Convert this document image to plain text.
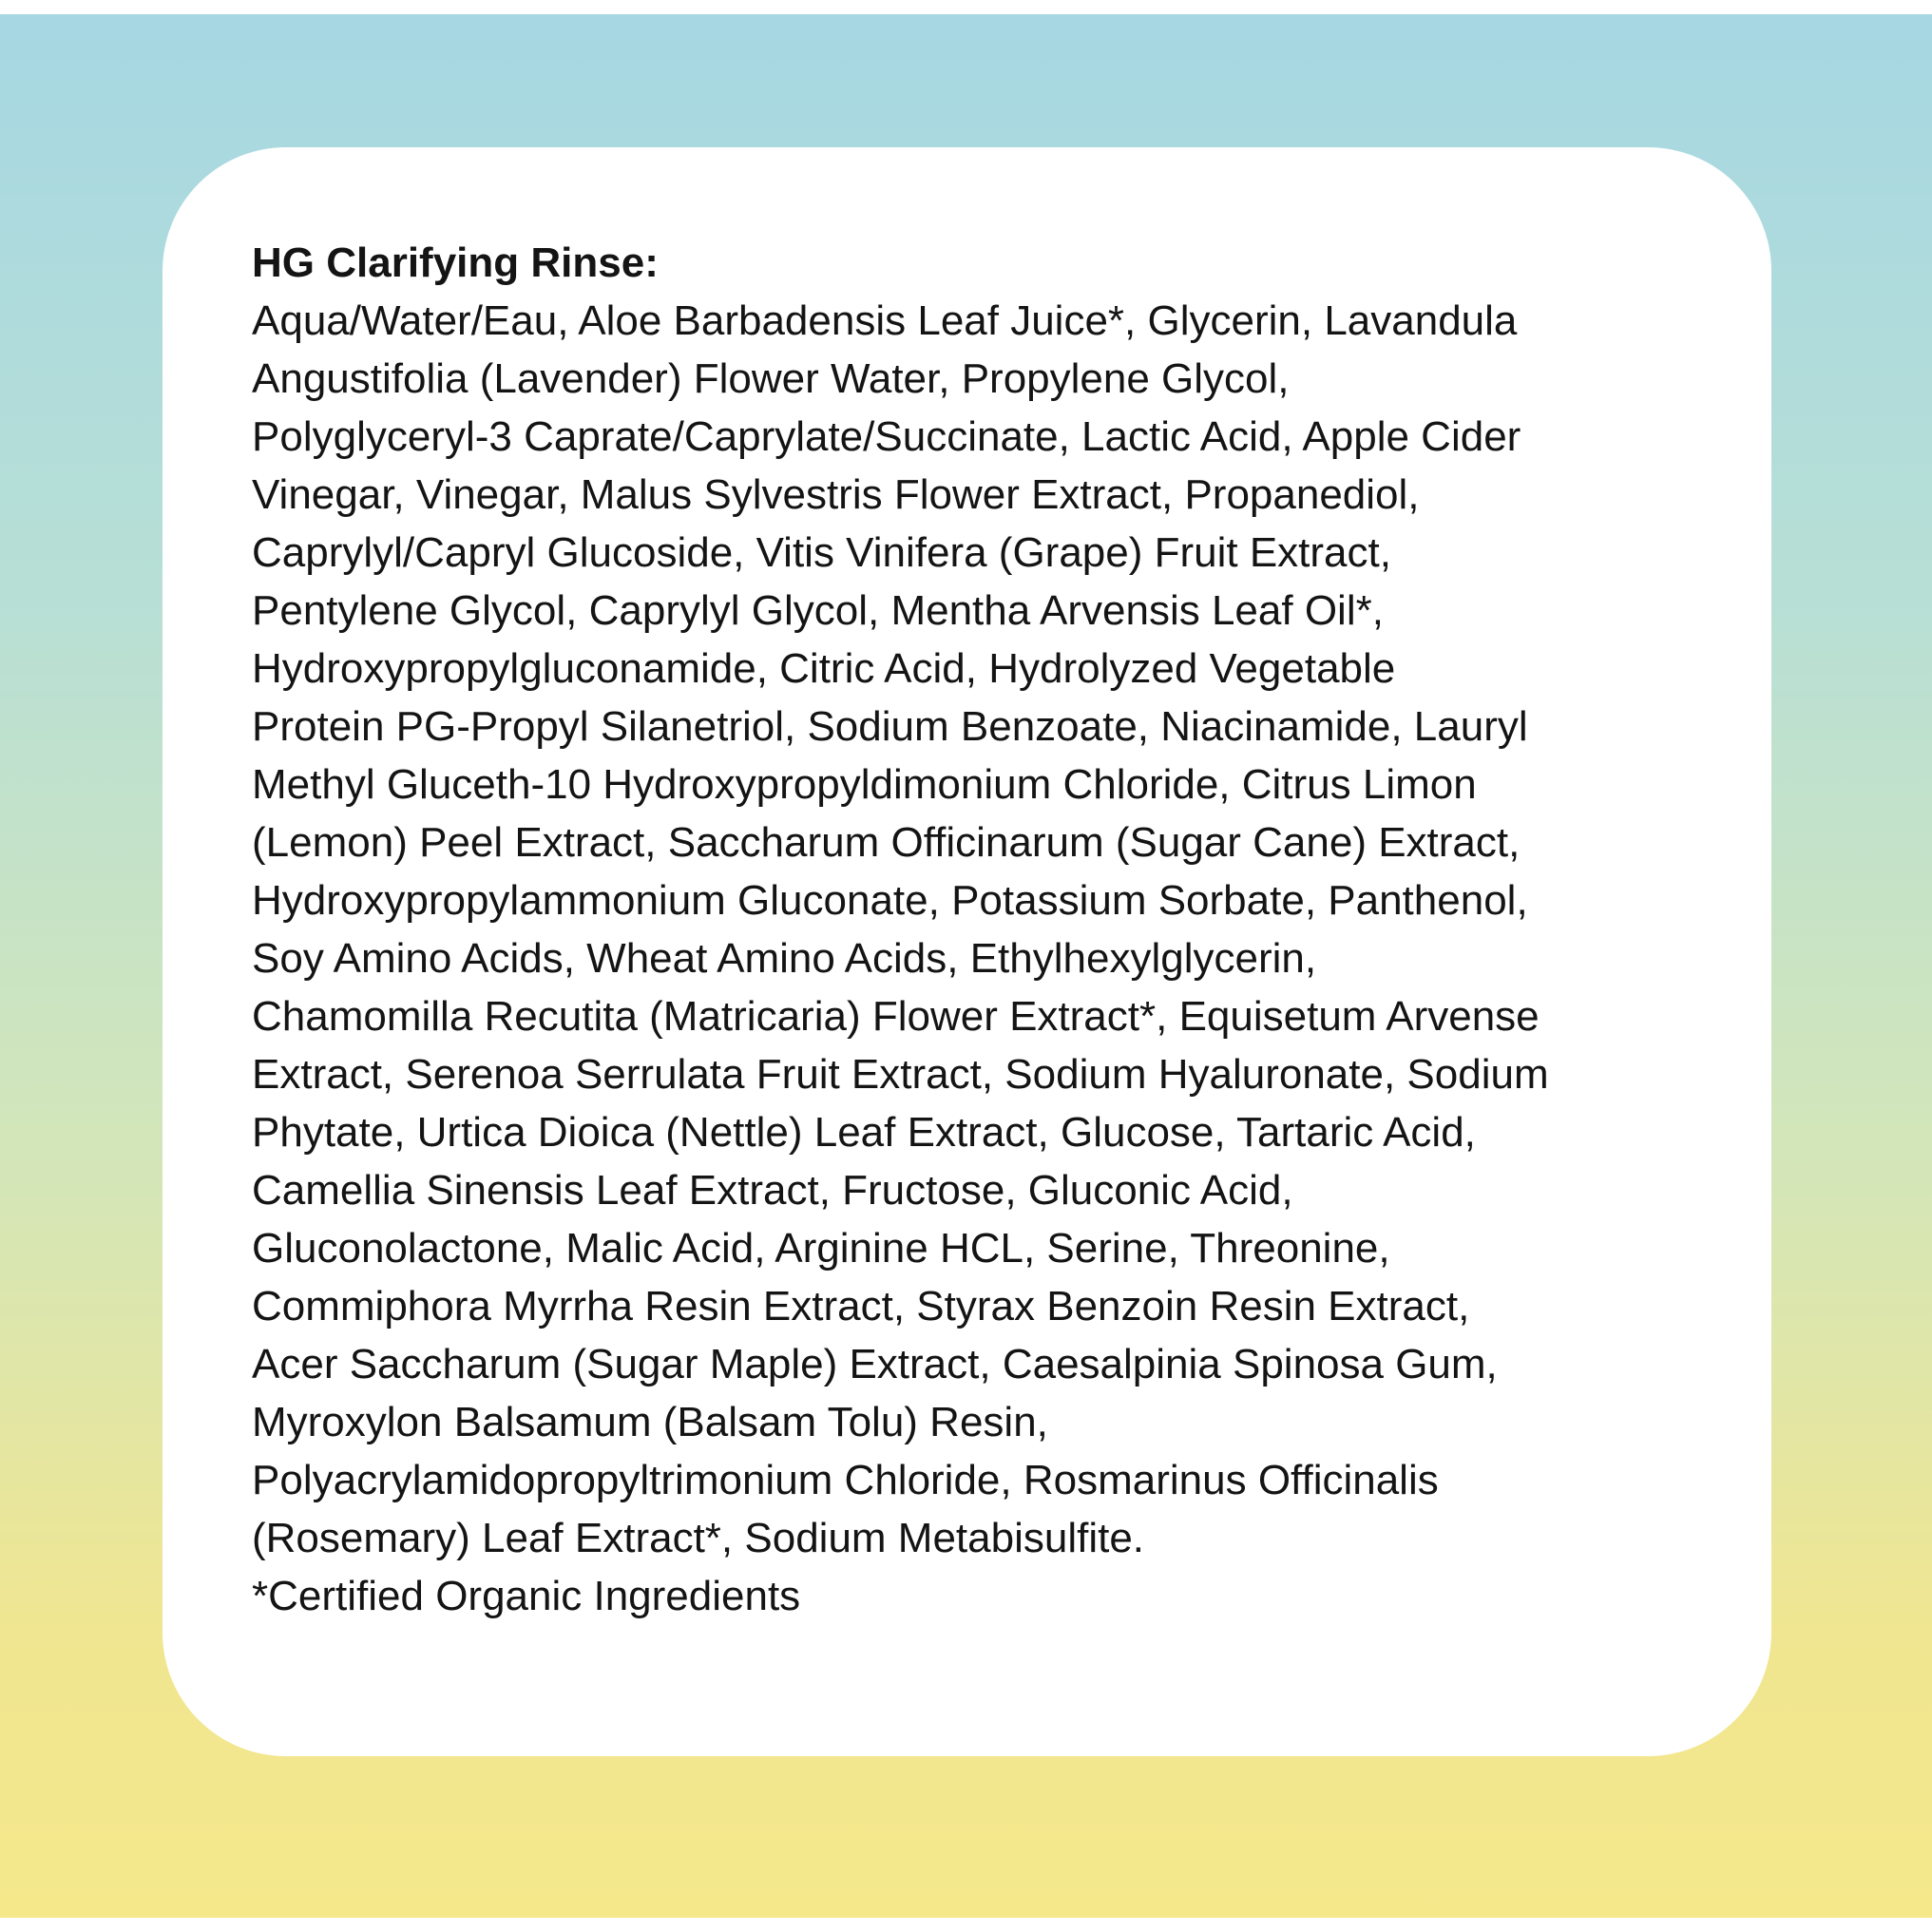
HG Clarifying Rinse:

Aqua/Water/Eau, Aloe Barbadensis Leaf Juice*, Glycerin, Lavandula

Angustifolia (Lavender) Flower Water, Propylene Glycol,

Polyglyceryl-3 Caprate/Caprylate/Succinate, Lactic Acid, Apple Cider

Vinegar, Vinegar, Malus Sylvestris Flower Extract, Propanediol,

Caprylyl/Capryl Glucoside, Vitis Vinifera (Grape) Fruit Extract,

Pentylene Glycol, Caprylyl Glycol, Mentha Arvensis Leaf Oil*,

Hydroxypropylgluconamide, Citric Acid, Hydrolyzed Vegetable

Protein PG-Propyl Silanetriol, Sodium Benzoate, Niacinamide, Lauryl

Methyl Gluceth-10 Hydroxypropyldimonium Chloride, Citrus Limon

(Lemon) Peel Extract, Saccharum Officinarum (Sugar Cane) Extract,

Hydroxypropylammonium Gluconate, Potassium Sorbate, Panthenol,

Soy Amino Acids, Wheat Amino Acids, Ethylhexylglycerin,

Chamomilla Recutita (Matricaria) Flower Extract*, Equisetum Arvense

Extract, Serenoa Serrulata Fruit Extract, Sodium Hyaluronate, Sodium

Phytate, Urtica Dioica (Nettle) Leaf Extract, Glucose, Tartaric Acid,

Camellia Sinensis Leaf Extract, Fructose, Gluconic Acid,

Gluconolactone, Malic Acid, Arginine HCL, Serine, Threonine,

Commiphora Myrrha Resin Extract, Styrax Benzoin Resin Extract,

Acer Saccharum (Sugar Maple) Extract, Caesalpinia Spinosa Gum,

Myroxylon Balsamum (Balsam Tolu) Resin,

Polyacrylamidopropyltrimonium Chloride, Rosmarinus Officinalis

(Rosemary) Leaf Extract*, Sodium Metabisulfite.

*Certified Organic Ingredients
